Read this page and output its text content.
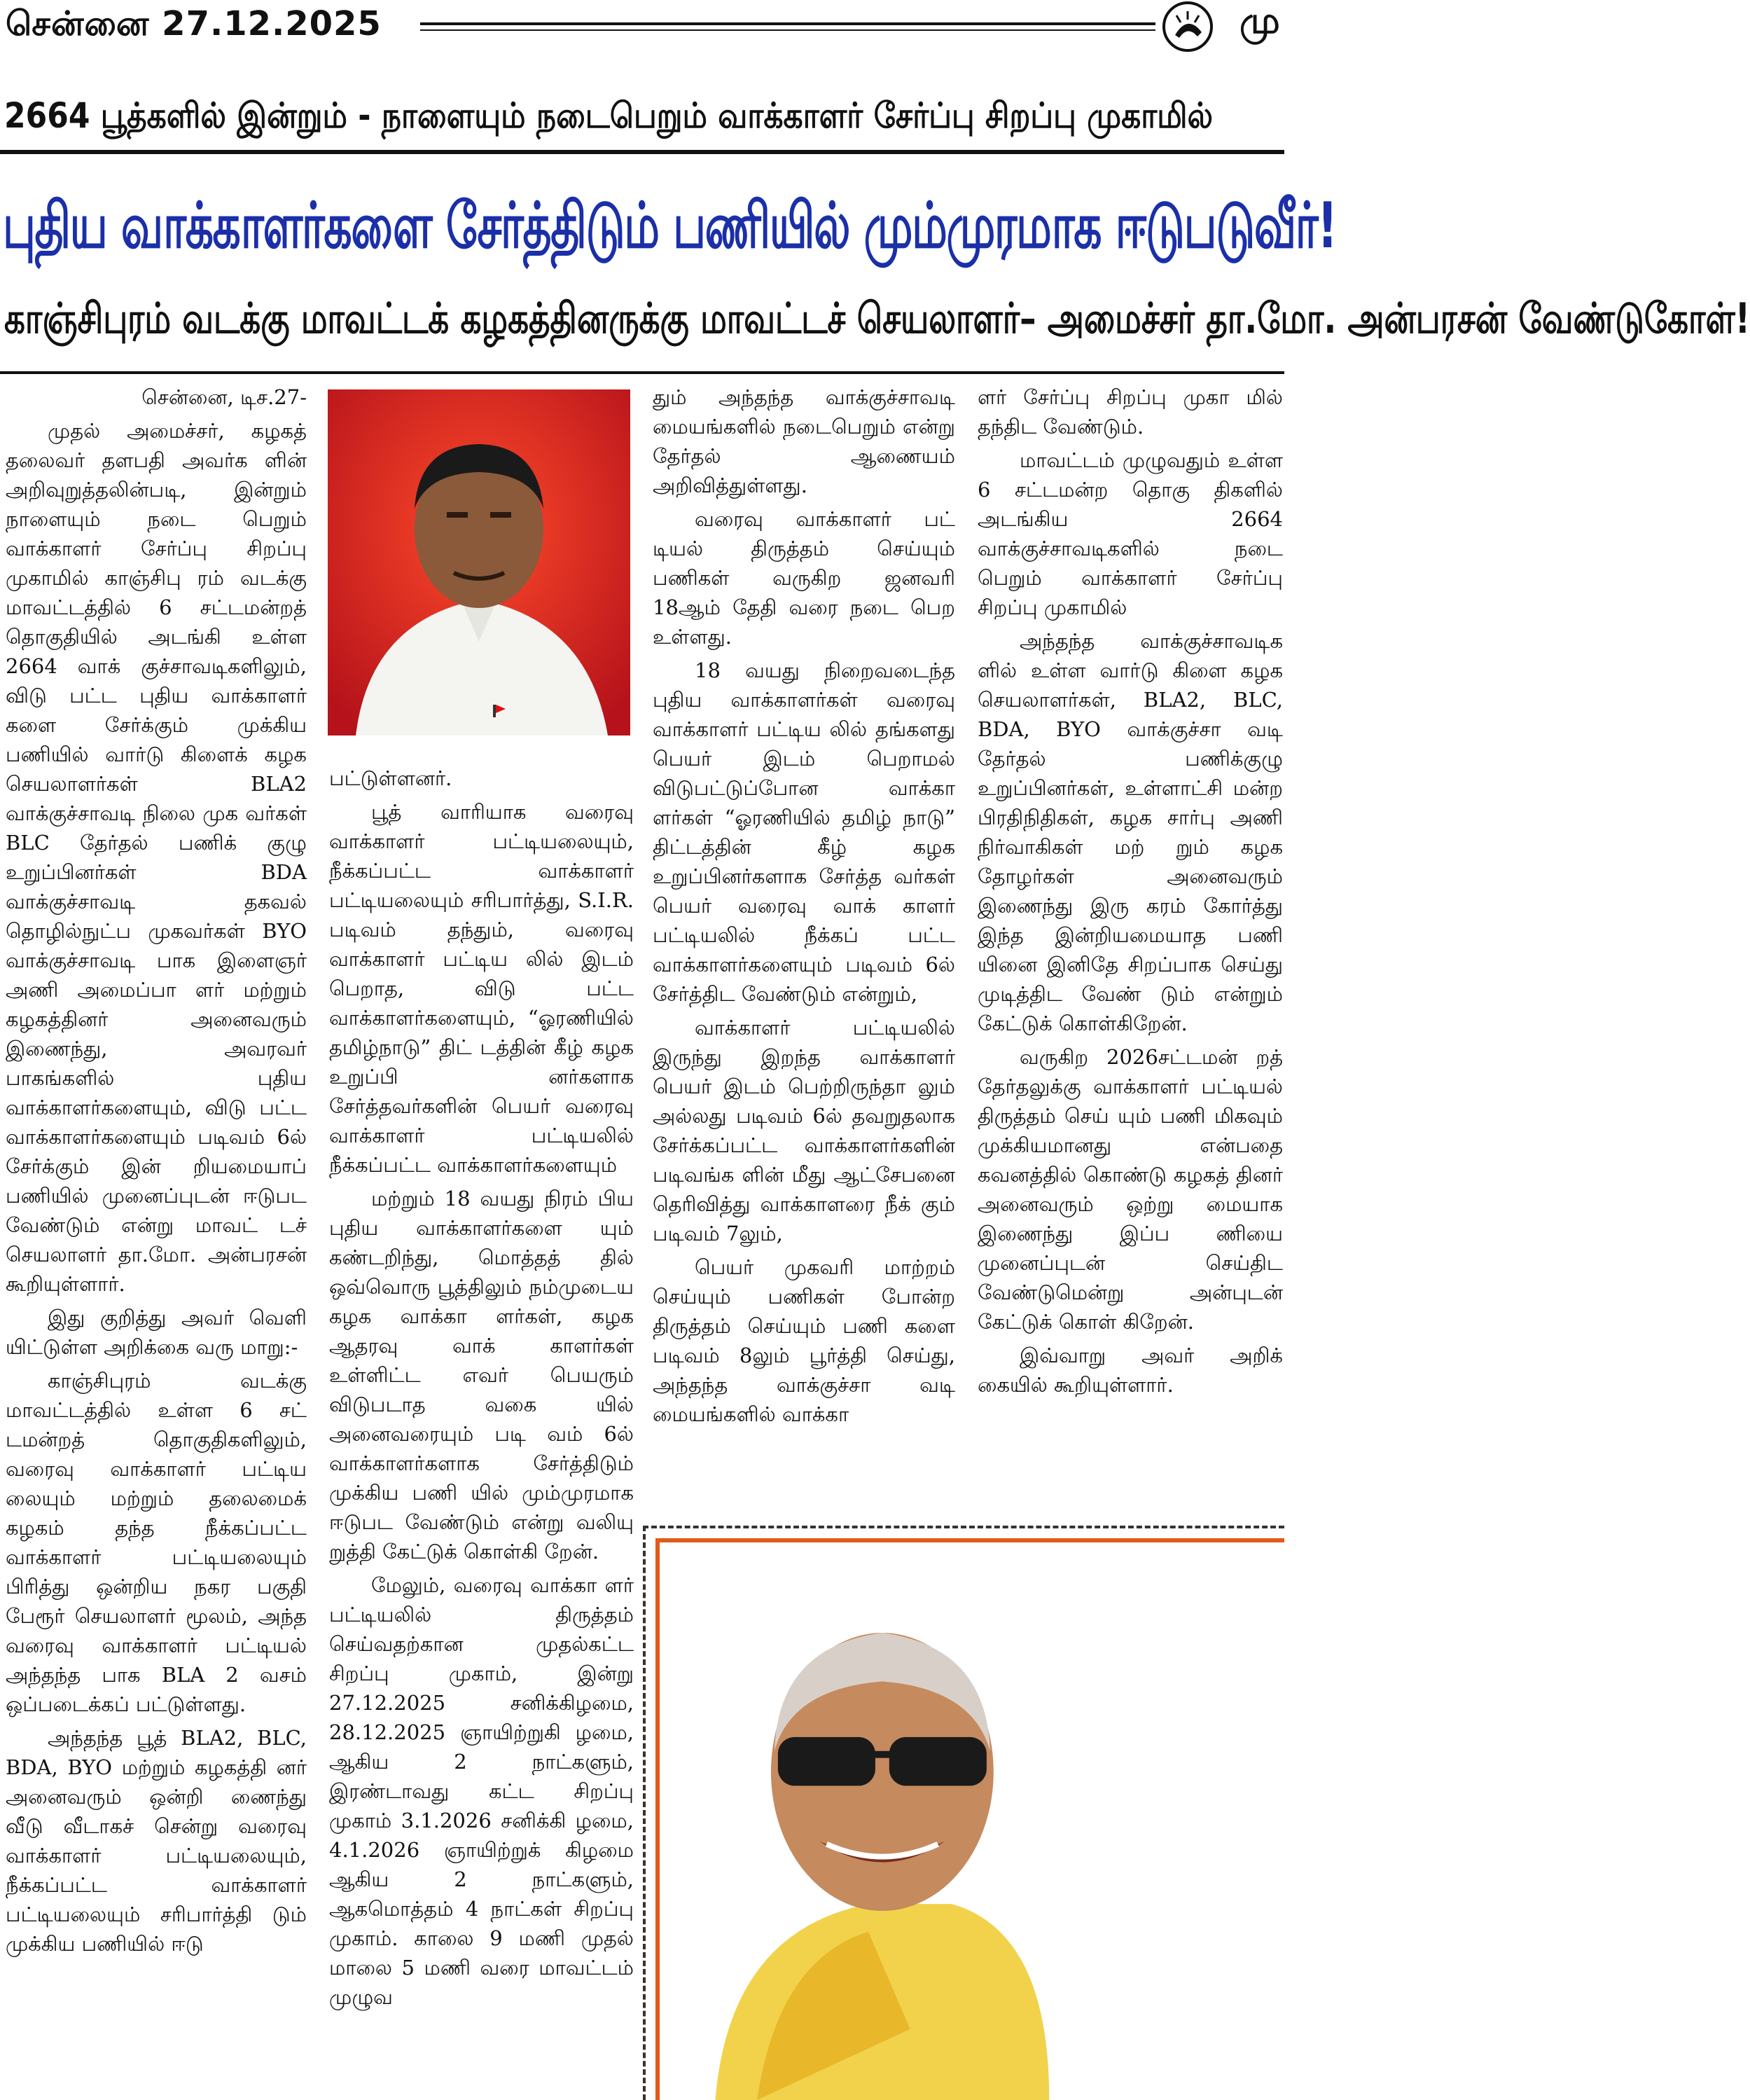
சென்னை 27.12.2025	மு
2664 பூத்களில் இன்றும் - நாளையும் நடைபெறும் வாக்காளர் சேர்ப்பு சிறப்பு முகாமில்
புதிய வாக்காளர்களை சேர்த்திடும் பணியில் மும்முரமாக ஈடுபடுவீர்!
காஞ்சிபுரம் வடக்கு மாவட்டக் கழகத்தினருக்கு மாவட்டச் செயலாளர்– அமைச்சர் தா.மோ. அன்பரசன் வேண்டுகோள்!

சென்னை, டிச.27-

முதல் அமைச்சர், கழகத் தலைவர் தளபதி அவர்க ளின் அறிவுறுத்தலின்படி, இன்றும் நாளையும் நடை பெறும் வாக்காளர் சேர்ப்பு சிறப்பு முகாமில் காஞ்சிபு ரம் வடக்கு மாவட்டத்தில் 6 சட்டமன்றத் தொகுதியில் அடங்கி உள்ள 2664 வாக் குச்சாவடிகளிலும், விடு பட்ட புதிய வாக்காளர் களை சேர்க்கும் முக்கிய பணியில் வார்டு கிளைக் கழக செயலாளர்கள் BLA2 வாக்குச்சாவடி நிலை முக வர்கள் BLC தேர்தல் பணிக் குழு உறுப்பினர்கள் BDA வாக்குச்சாவடி தகவல் தொழில்நுட்ப முகவர்கள் BYO வாக்குச்சாவடி பாக இளைஞர் அணி அமைப்பா ளர் மற்றும் கழகத்தினர் அனைவரும் இணைந்து, அவரவர் பாகங்களில் புதிய வாக்காளர்களையும், விடு பட்ட வாக்காளர்களையும் படிவம் 6ல் சேர்க்கும் இன் றியமையாப் பணியில் முனைப்புடன் ஈடுபட வேண்டும் என்று மாவட் டச் செயலாளர் தா.மோ. அன்பரசன் கூறியுள்ளார்.

இது குறித்து அவர் வெளி யிட்டுள்ள அறிக்கை வரு மாறு:-

காஞ்சிபுரம் வடக்கு மாவட்டத்தில் உள்ள 6 சட் டமன்றத் தொகுதிகளிலும், வரைவு வாக்காளர் பட்டிய லையும் மற்றும் தலைமைக் கழகம் தந்த நீக்கப்பட்ட வாக்காளர் பட்டியலையும் பிரித்து ஒன்றிய நகர பகுதி பேரூர் செயலாளர் மூலம், அந்த வரைவு வாக்காளர் பட்டியல் அந்தந்த பாக BLA 2 வசம் ஒப்படைக்கப் பட்டுள்ளது.

அந்தந்த பூத் BLA2, BLC, BDA, BYO மற்றும் கழகத்தி னர் அனைவரும் ஒன்றி ணைந்து வீடு வீடாகச் சென்று வரைவு வாக்காளர் பட்டியலையும், நீக்கப்பட்ட வாக்காளர் பட்டியலையும் சரிபார்த்தி டும் முக்கிய பணியில் ஈடு

பட்டுள்ளனர்.

பூத் வாரியாக வரைவு வாக்காளர் பட்டியலையும், நீக்கப்பட்ட வாக்காளர் பட்டியலையும் சரிபார்த்து, S.I.R. படிவம் தந்தும், வரைவு வாக்காளர் பட்டிய லில் இடம் பெறாத, விடு பட்ட வாக்காளர்களையும், “ஓரணியில் தமிழ்நாடு” திட் டத்தின் கீழ் கழக உறுப்பி னர்களாக சேர்த்தவர்களின் பெயர் வரைவு வாக்காளர் பட்டியலில் நீக்கப்பட்ட வாக்காளர்களையும்

மற்றும் 18 வயது நிரம் பிய புதிய வாக்காளர்களை யும் கண்டறிந்து, மொத்தத் தில் ஒவ்வொரு பூத்திலும் நம்முடைய கழக வாக்கா ளர்கள், கழக ஆதரவு வாக் காளர்கள் உள்ளிட்ட எவர் பெயரும் விடுபடாத வகை யில் அனைவரையும் படி வம் 6ல் வாக்காளர்களாக சேர்த்திடும் முக்கிய பணி யில் மும்முரமாக ஈடுபட வேண்டும் என்று வலியு றுத்தி கேட்டுக் கொள்கி றேன்.

மேலும், வரைவு வாக்கா ளர் பட்டியலில் திருத்தம் செய்வதற்கான முதல்கட்ட சிறப்பு முகாம், இன்று 27.12.2025 சனிக்கிழமை, 28.12.2025 ஞாயிற்றுகி ழமை, ஆகிய 2 நாட்களும், இரண்டாவது கட்ட சிறப்பு முகாம் 3.1.2026 சனிக்கி ழமை, 4.1.2026 ஞாயிற்றுக் கிழமை ஆகிய 2 நாட்களும், ஆகமொத்தம் 4 நாட்கள் சிறப்பு முகாம். காலை 9 மணி முதல் மாலை 5 மணி வரை மாவட்டம் முழுவ

தும் அந்தந்த வாக்குச்சாவடி மையங்களில் நடைபெறும் என்று தேர்தல் ஆணையம் அறிவித்துள்ளது.

வரைவு வாக்காளர் பட் டியல் திருத்தம் செய்யும் பணிகள் வருகிற ஜனவரி 18ஆம் தேதி வரை நடை பெற உள்ளது.

18 வயது நிறைவடைந்த புதிய வாக்காளர்கள் வரைவு வாக்காளர் பட்டிய லில் தங்களது பெயர் இடம் பெறாமல் விடுபட்டுப்போன வாக்கா ளர்கள் “ஓரணியில் தமிழ் நாடு” திட்டத்தின் கீழ் கழக உறுப்பினர்களாக சேர்த்த வர்கள் பெயர் வரைவு வாக் காளர் பட்டியலில் நீக்கப் பட்ட வாக்காளர்களையும் படிவம் 6ல் சேர்த்திட வேண்டும் என்றும்,

வாக்காளர் பட்டியலில் இருந்து இறந்த வாக்காளர் பெயர் இடம் பெற்றிருந்தா லும் அல்லது படிவம் 6ல் தவறுதலாக சேர்க்கப்பட்ட வாக்காளர்களின் படிவங்க ளின் மீது ஆட்சேபனை தெரிவித்து வாக்காளரை நீக் கும் படிவம் 7லும்,

பெயர் முகவரி மாற்றம் செய்யும் பணிகள் போன்ற திருத்தம் செய்யும் பணி களை படிவம் 8லும் பூர்த்தி செய்து, அந்தந்த வாக்குச்சா வடி மையங்களில் வாக்கா

ளர் சேர்ப்பு சிறப்பு முகா மில் தந்திட வேண்டும்.

மாவட்டம் முழுவதும் உள்ள 6 சட்டமன்ற தொகு திகளில் அடங்கிய 2664 வாக்குச்சாவடிகளில் நடை பெறும் வாக்காளர் சேர்ப்பு சிறப்பு முகாமில்

அந்தந்த வாக்குச்சாவடிக ளில் உள்ள வார்டு கிளை கழக செயலாளர்கள், BLA2, BLC, BDA, BYO வாக்குச்சா வடி தேர்தல் பணிக்குழு உறுப்பினர்கள், உள்ளாட்சி மன்ற பிரதிநிதிகள், கழக சார்பு அணி நிர்வாகிகள் மற் றும் கழக தோழர்கள் அனைவரும் இணைந்து இரு கரம் கோர்த்து இந்த இன்றியமையாத பணி யினை இனிதே சிறப்பாக செய்து முடித்திட வேண் டும் என்றும் கேட்டுக் கொள்கிறேன்.

வருகிற 2026சட்டமன் றத் தேர்தலுக்கு வாக்காளர் பட்டியல் திருத்தம் செய் யும் பணி மிகவும் முக்கியமானது என்பதை கவனத்தில் கொண்டு கழகத் தினர் அனைவரும் ஒற்று மையாக இணைந்து இப்ப ணியை முனைப்புடன் செய்திட வேண்டுமென்று அன்புடன் கேட்டுக் கொள் கிறேன்.

இவ்வாறு அவர் அறிக் கையில் கூறியுள்ளார்.
